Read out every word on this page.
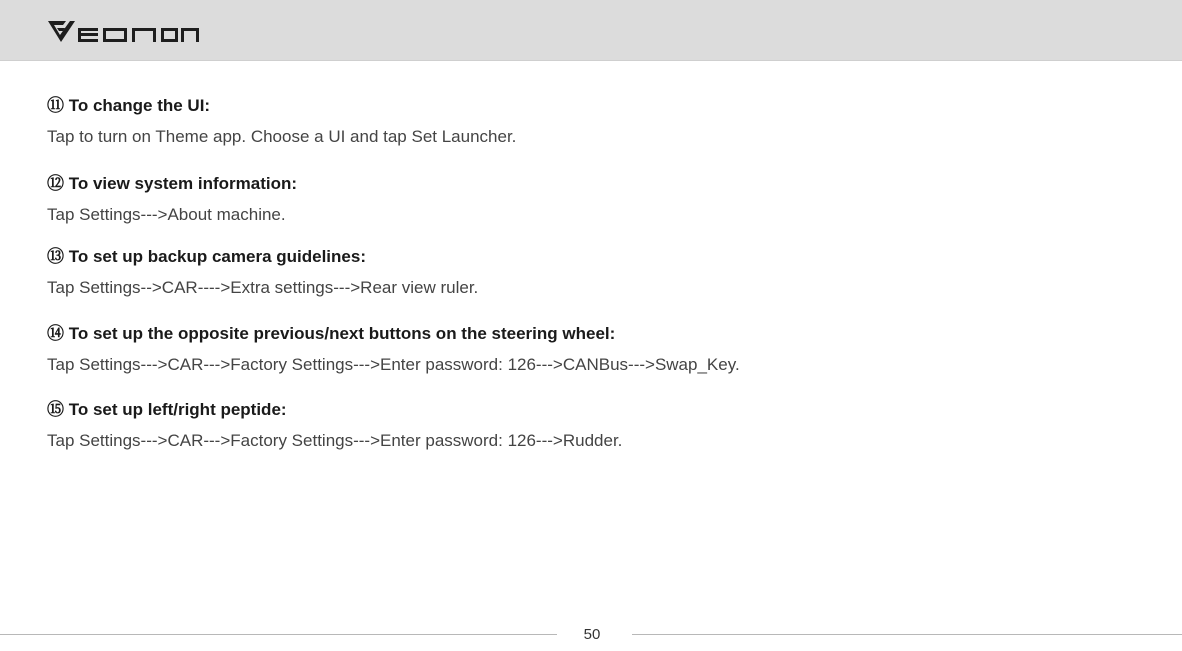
⑪ To change the UI:
Tap to turn on Theme app. Choose a UI and tap Set Launcher.
⑫ To view system information:
Tap Settings--->About machine.
⑬ To set up backup camera guidelines:
Tap Settings-->CAR---->Extra settings--->Rear view ruler.
⑭ To set up the opposite previous/next buttons on the steering wheel:
Tap Settings--->CAR--->Factory Settings--->Enter password: 126--->CANBus--->Swap_Key.
⑮ To set up left/right peptide:
Tap Settings--->CAR--->Factory Settings--->Enter password: 126--->Rudder.
50
